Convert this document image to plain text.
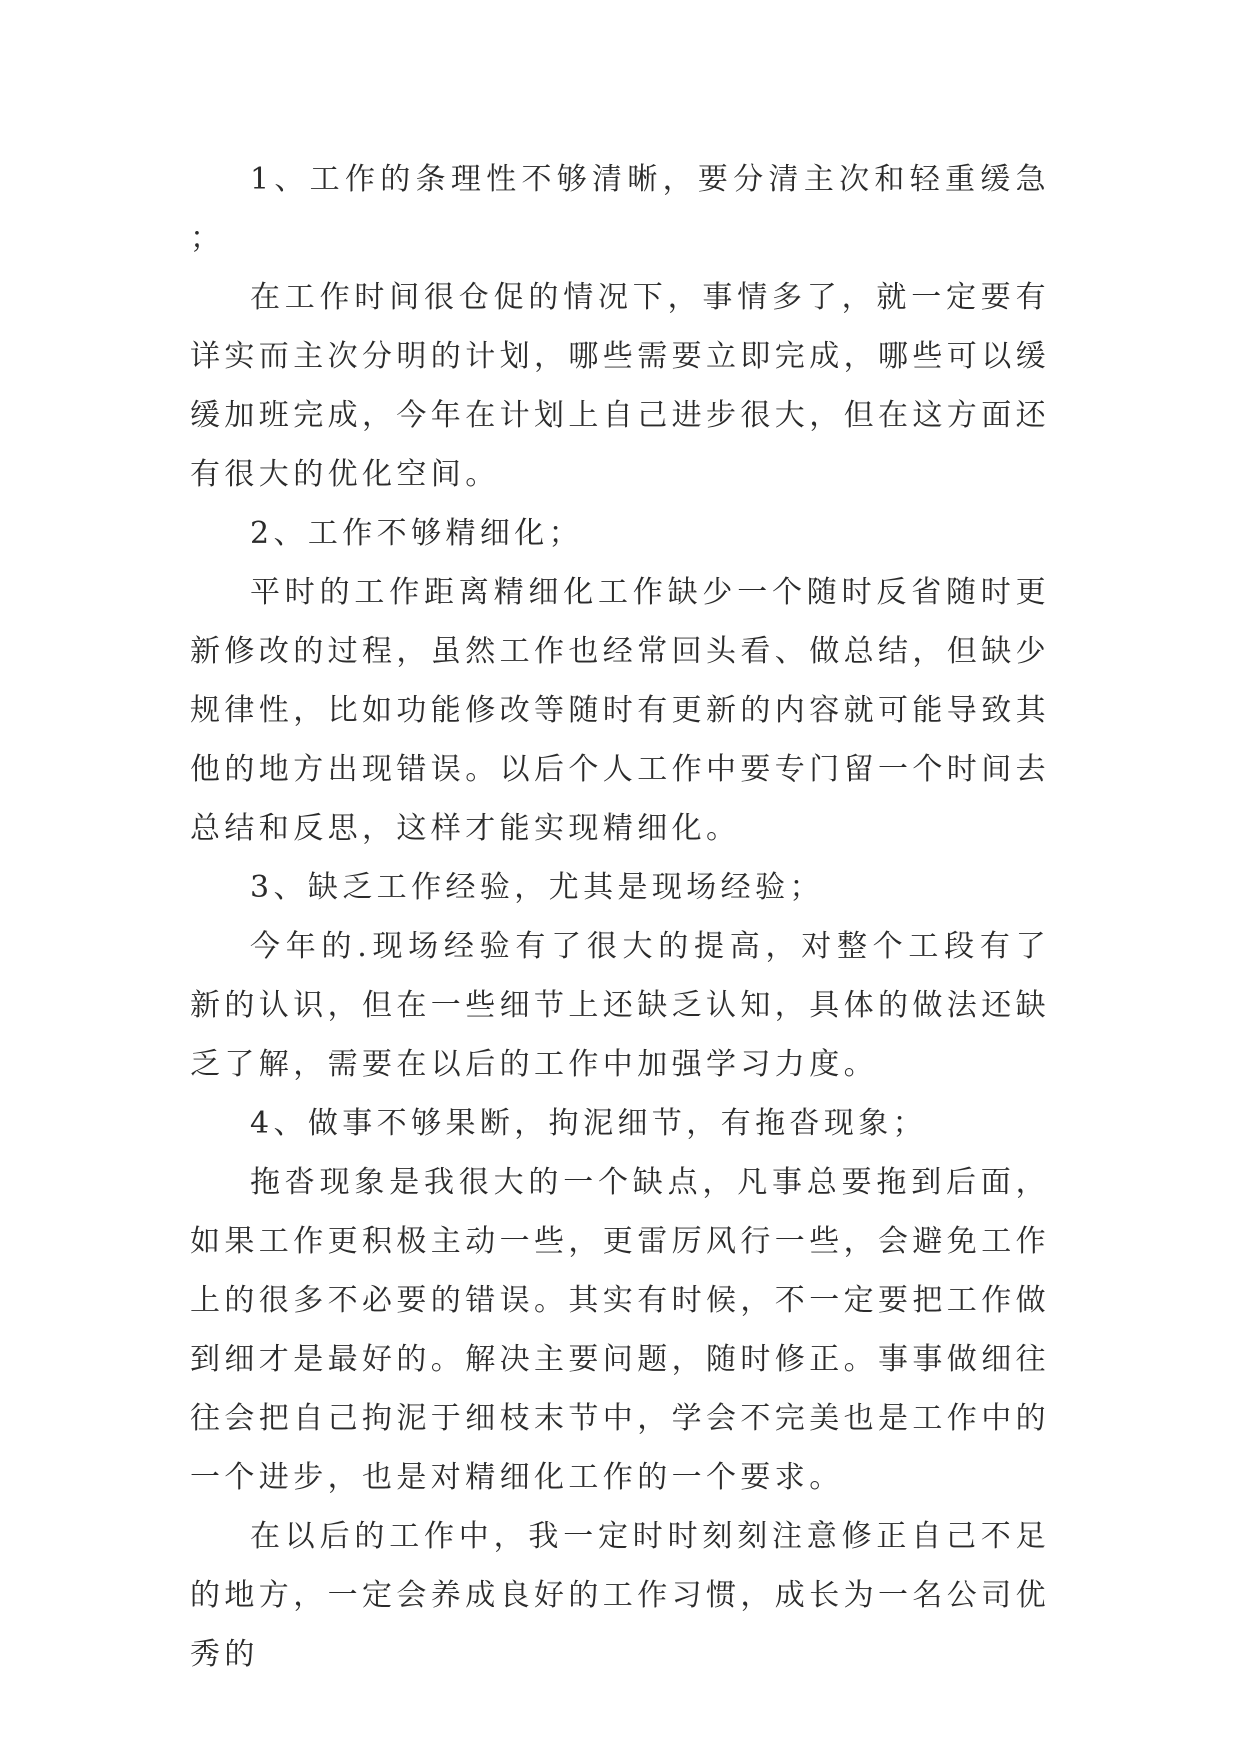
1、工作的条理性不够清晰，要分清主次和轻重缓急；

在工作时间很仓促的情况下，事情多了，就一定要有详实而主次分明的计划，哪些需要立即完成，哪些可以缓缓加班完成，今年在计划上自己进步很大，但在这方面还有很大的优化空间。

2、工作不够精细化；

平时的工作距离精细化工作缺少一个随时反省随时更新修改的过程，虽然工作也经常回头看、做总结，但缺少规律性，比如功能修改等随时有更新的内容就可能导致其他的地方出现错误。以后个人工作中要专门留一个时间去总结和反思，这样才能实现精细化。

3、缺乏工作经验，尤其是现场经验；

今年的.现场经验有了很大的提高，对整个工段有了新的认识，但在一些细节上还缺乏认知，具体的做法还缺乏了解，需要在以后的工作中加强学习力度。

4、做事不够果断，拘泥细节，有拖沓现象；

拖沓现象是我很大的一个缺点，凡事总要拖到后面，如果工作更积极主动一些，更雷厉风行一些，会避免工作上的很多不必要的错误。其实有时候，不一定要把工作做到细才是最好的。解决主要问题，随时修正。事事做细往往会把自己拘泥于细枝末节中，学会不完美也是工作中的一个进步，也是对精细化工作的一个要求。

在以后的工作中，我一定时时刻刻注意修正自己不足的地方，一定会养成良好的工作习惯，成长为一名公司优秀的
